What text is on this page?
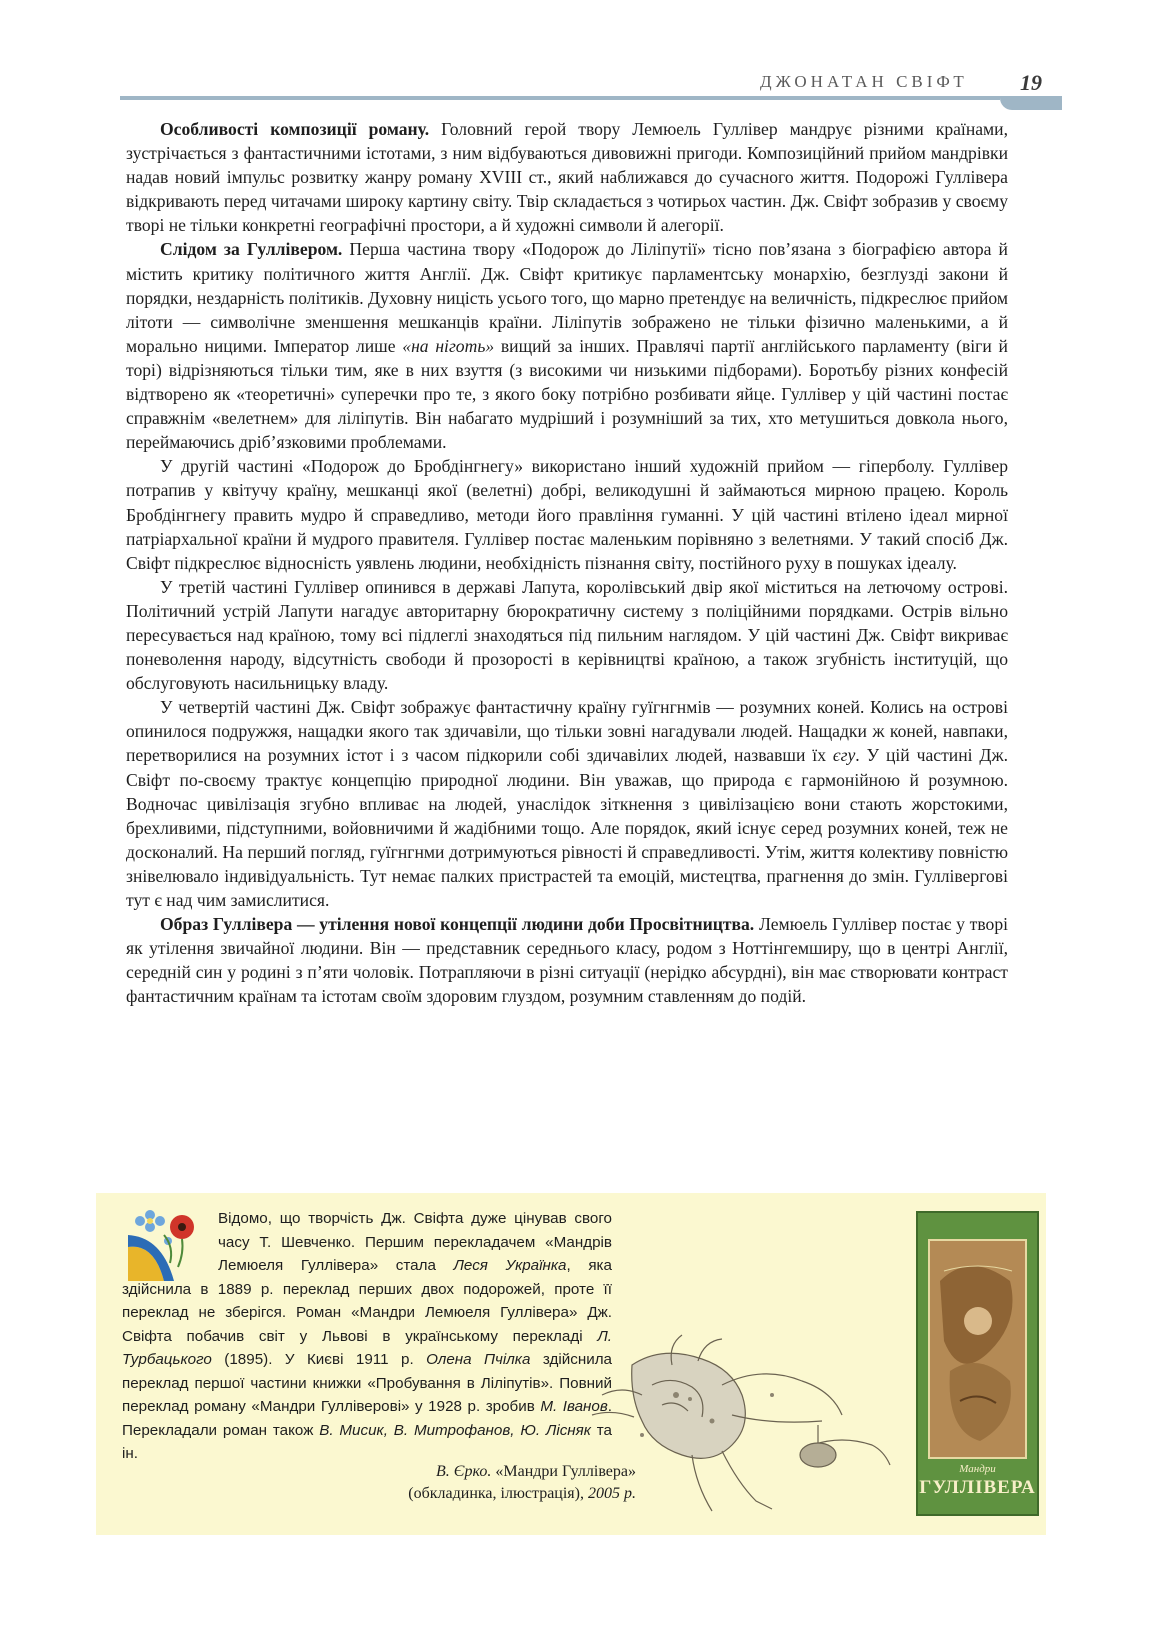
ДЖОНАТАН СВІФТ 19

Особливості композиції роману. Головний герой твору Лемюель Гуллівер мандрує різними країнами, зустрічається з фантастичними істотами, з ним відбуваються дивовижні пригоди. Композиційний прийом мандрівки надав новий імпульс розвитку жанру роману XVIII ст., який наближався до сучасного життя. Подорожі Гуллівера відкривають перед читачами широку картину світу. Твір складається з чотирьох частин. Дж. Свіфт зобразив у своєму творі не тільки конкретні географічні простори, а й художні символи й алегорії.

Слідом за Гуллівером. Перша частина твору «Подорож до Ліліпутії» тісно пов’язана з біографією автора й містить критику політичного життя Англії. Дж. Свіфт критикує парламентську монархію, безглузді закони й порядки, нездарність політиків. Духовну ницість усього того, що марно претендує на величність, підкреслює прийом літоти — символічне зменшення мешканців країни. Ліліпутів зображено не тільки фізично маленькими, а й морально ницими. Імператор лише «на ніготь» вищий за інших. Правлячі партії англійського парламенту (віги й торі) відрізняються тільки тим, яке в них взуття (з високими чи низькими підборами). Боротьбу різних конфесій відтворено як «теоретичні» суперечки про те, з якого боку потрібно розбивати яйце. Гуллівер у цій частині постає справжнім «велетнем» для ліліпутів. Він набагато мудріший і розумніший за тих, хто метушиться довкола нього, переймаючись дріб’язковими проблемами.

У другій частині «Подорож до Бробдінгнегу» використано інший художній прийом — гіперболу. Гуллівер потрапив у квітучу країну, мешканці якої (велетні) добрі, великодушні й займаються мирною працею. Король Бробдінгнегу править мудро й справедливо, методи його правління гуманні. У цій частині втілено ідеал мирної патріархальної країни й мудрого правителя. Гуллівер постає маленьким порівняно з велетнями. У такий спосіб Дж. Свіфт підкреслює відносність уявлень людини, необхідність пізнання світу, постійного руху в пошуках ідеалу.

У третій частині Гуллівер опинився в державі Лапута, королівський двір якої міститься на летючому острові. Політичний устрій Лапути нагадує авторитарну бюрократичну систему з поліційними порядками. Острів вільно пересувається над країною, тому всі підлеглі знаходяться під пильним наглядом. У цій частині Дж. Свіфт викриває поневолення народу, відсутність свободи й прозорості в керівництві країною, а також згубність інституцій, що обслуговують насильницьку владу.

У четвертій частині Дж. Свіфт зображує фантастичну країну гуїгнгнмів — розумних коней. Колись на острові опинилося подружжя, нащадки якого так здичавіли, що тільки зовні нагадували людей. Нащадки ж коней, навпаки, перетворилися на розумних істот і з часом підкорили собі здичавілих людей, назвавши їх єгу. У цій частині Дж. Свіфт по-своєму трактує концепцію природної людини. Він уважав, що природа є гармонійною й розумною. Водночас цивілізація згубно впливає на людей, унаслідок зіткнення з цивілізацією вони стають жорстокими, брехливими, підступними, войовничими й жадібними тощо. Але порядок, який існує серед розумних коней, теж не досконалий. На перший погляд, гуїгнгнми дотримуються рівності й справедливості. Утім, життя колективу повністю знівелювало індивідуальність. Тут немає палких пристрастей та емоцій, мистецтва, прагнення до змін. Гуллівергові тут є над чим замислитися.

Образ Гуллівера — утілення нової концепції людини доби Просвітництва. Лемюель Гуллівер постає у творі як утілення звичайної людини. Він — представник середнього класу, родом з Ноттінгемширу, що в центрі Англії, середній син у родині з п’яти чоловік. Потрапляючи в різні ситуації (нерідко абсурдні), він має створювати контраст фантастичним країнам та істотам своїм здоровим глуздом, розумним ставленням до подій.

Відомо, що творчість Дж. Свіфта дуже цінував свого часу Т. Шевченко. Першим перекладачем «Мандрів Лемюеля Гуллівера» стала Леся Українка, яка здійснила в 1889 р. переклад перших двох подорожей, проте її переклад не зберігся. Роман «Мандри Лемюеля Гуллівера» Дж. Свіфта побачив світ у Львові в українському перекладі Л. Турбацького (1895). У Києві 1911 р. Олена Пчілка здійснила переклад першої частини книжки «Пробування в Ліліпутів». Повний переклад роману «Мандри Гулліверові» у 1928 р. зробив М. Іванов. Перекладали роман також В. Мисик, В. Митрофанов, Ю. Лісняк та ін.

Мандри
ГУЛЛІВЕРА
В. Єрко. «Мандри Гуллівера»
(обкладинка, ілюстрація), 2005 р.
